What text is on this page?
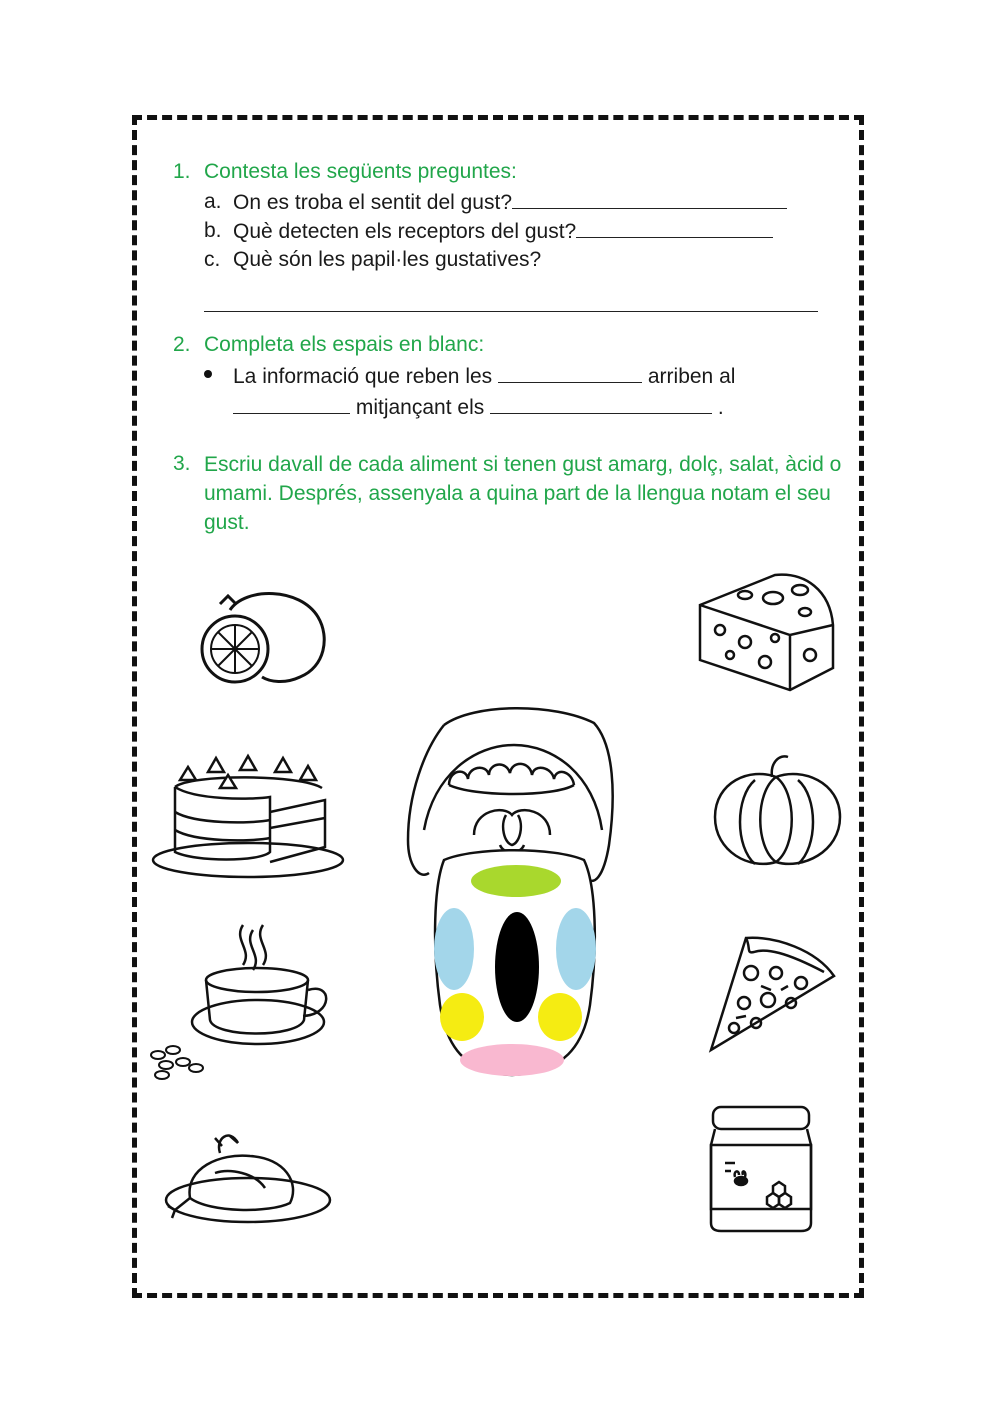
1. Contesta les següents preguntes:
a. On es troba el sentit del gust?
b. Què detecten els receptors del gust?
c. Què són les papil·les gustatives?
2. Completa els espais en blanc:
La informació que reben les	arriben al
mitjançant els	.
3. Escriu davall de cada aliment si tenen gust amarg, dolç, salat, àcid o umami. Després, assenyala a quina part de la llengua notam el seu gust.
